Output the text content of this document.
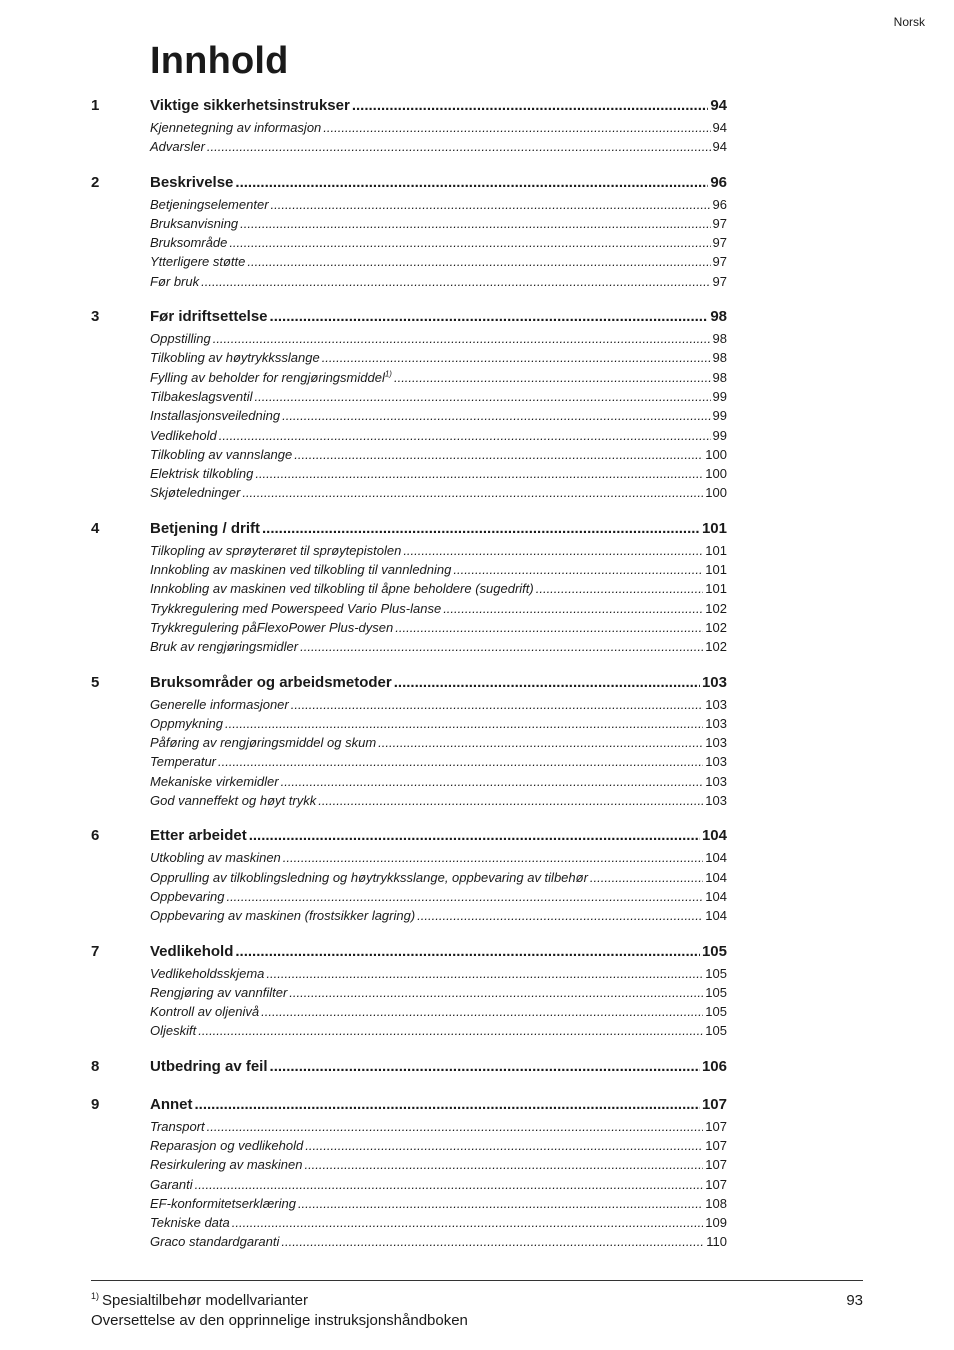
Norsk
Innhold
1	Viktige sikkerhetsinstrukser .....	94
Kjennetegning av informasjon .....	94
Advarsler .....	94
2	Beskrivelse .....	96
Betjeningselementer .....	96
Bruksanvisning .....	97
Bruksområde .....	97
Ytterligere støtte .....	97
Før bruk .....	97
3	Før idriftsettelse .....	98
Oppstilling .....	98
Tilkobling av høytrykksslange .....	98
Fylling av beholder for rengjøringsmiddel$^{1)}$ .....	98
Tilbakeslagsventil .....	99
Installasjonsveiledning .....	99
Vedlikehold .....	99
Tilkobling av vannslange .....	100
Elektrisk tilkobling .....	100
Skjøteledninger .....	100
4	Betjening / drift .....	101
Tilkopling av sprøyterøret til sprøytepistolen .....	101
Innkobling av maskinen ved tilkobling til vannledning .....	101
Innkobling av maskinen ved tilkobling til åpne beholdere (sugedrift) .....	101
Trykkregulering med Powerspeed Vario Plus-lanse .....	102
Trykkregulering påFlexoPower Plus-dysen .....	102
Bruk av rengjøringsmidler .....	102
5	Bruksområder og arbeidsmetoder .....	103
Generelle informasjoner .....	103
Oppmykning .....	103
Påføring av rengjøringsmiddel og skum .....	103
Temperatur .....	103
Mekaniske virkemidler .....	103
God vanneffekt og høyt trykk .....	103
6	Etter arbeidet .....	104
Utkobling av maskinen .....	104
Opprulling av tilkoblingsledning og høytrykksslange, oppbevaring av tilbehør .....	104
Oppbevaring .....	104
Oppbevaring av maskinen (frostsikker lagring) .....	104
7	Vedlikehold .....	105
Vedlikeholdsskjema .....	105
Rengjøring av vannfilter .....	105
Kontroll av oljenivå .....	105
Oljeskift .....	105
8	Utbedring av feil .....	106
9	Annet .....	107
Transport .....	107
Reparasjon og vedlikehold .....	107
Resirkulering av maskinen .....	107
Garanti .....	107
EF-konformitetserklæring .....	108
Tekniske data .....	109
Graco standardgaranti .....	110
$^{1)}$ Spesialtilbehør modellvarianter
Oversettelse av den opprinnelige instruksjonshåndboken
93
